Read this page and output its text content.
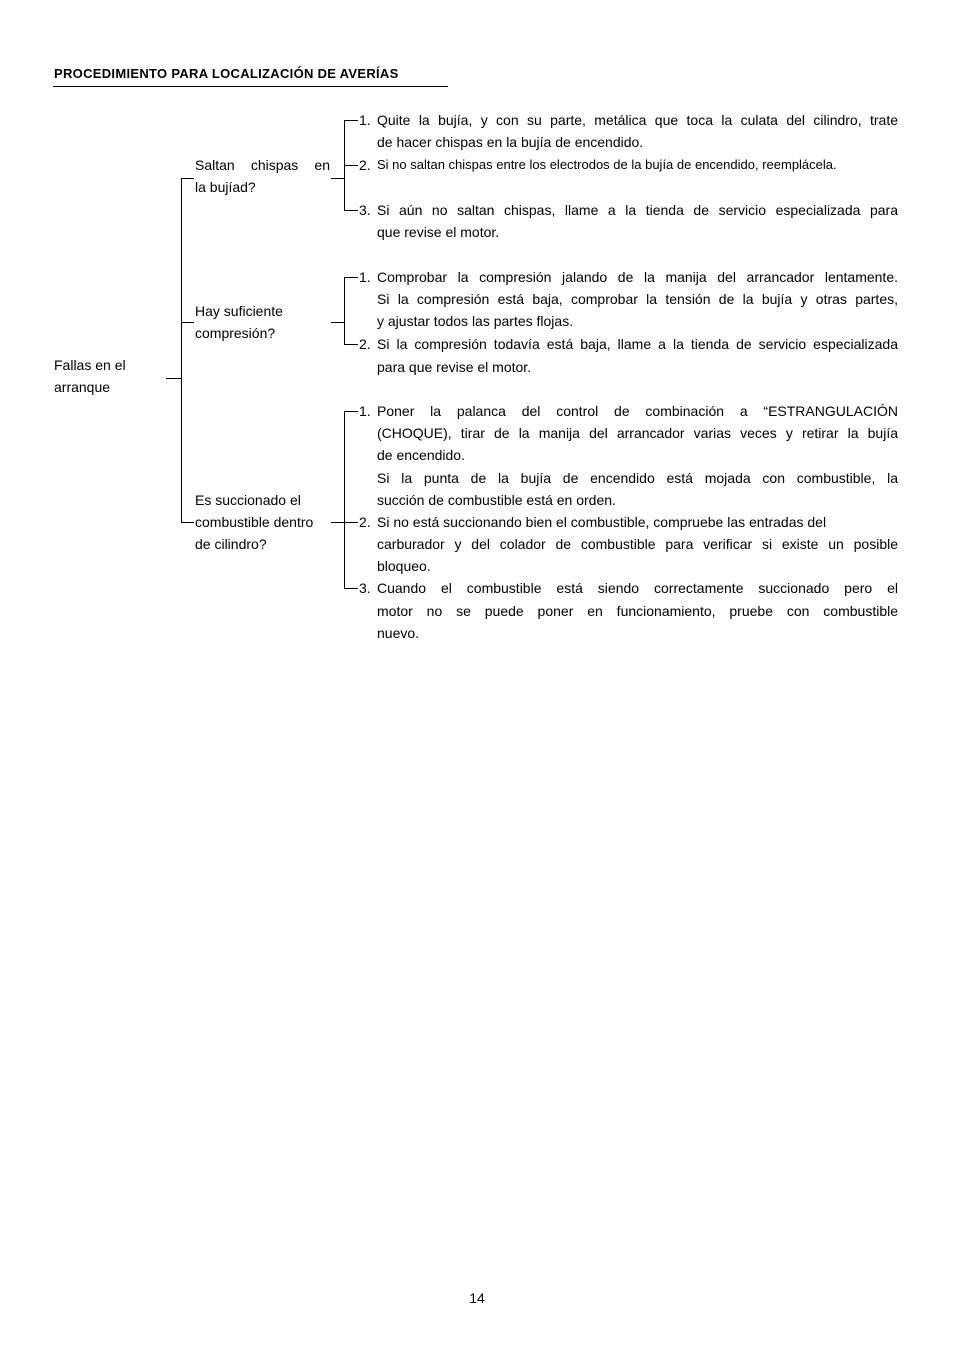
PROCEDIMIENTO PARA LOCALIZACIÓN DE AVERÍAS
Fallas en el
arranque
Saltan chispas en
la bujíad?
1. Quite la bujía, y con su parte, metálica que toca la culata del cilindro, trate
de hacer chispas en la bujía de encendido.
2. Si no saltan chispas entre los electrodos de la bujía de encendido, reemplácela.
3. Si aún no saltan chispas, llame a la tienda de servicio especializada para
que revise el motor.
Hay suficiente
compresión?
1. Comprobar la compresión jalando de la manija del arrancador lentamente.
Si la compresión está baja, comprobar la tensión de la bujía y otras partes,
y ajustar todos las partes flojas.
2. Si la compresión todavía está baja, llame a la tienda de servicio especializada
para que revise el motor.
Es succionado el
combustible dentro
de cilindro?
1. Poner la palanca del control de combinación a “ESTRANGULACIÓN
(CHOQUE), tirar de la manija del arrancador varias veces y retirar la bujía
de encendido.
Si la punta de la bujía de encendido está mojada con combustible, la
succión de combustible está en orden.
2. Si no está succionando bien el combustible, compruebe las entradas del
carburador y del colador de combustible para verificar si existe un posible
bloqueo.
3. Cuando el combustible está siendo correctamente succionado pero el
motor no se puede poner en funcionamiento, pruebe con combustible
nuevo.
14
